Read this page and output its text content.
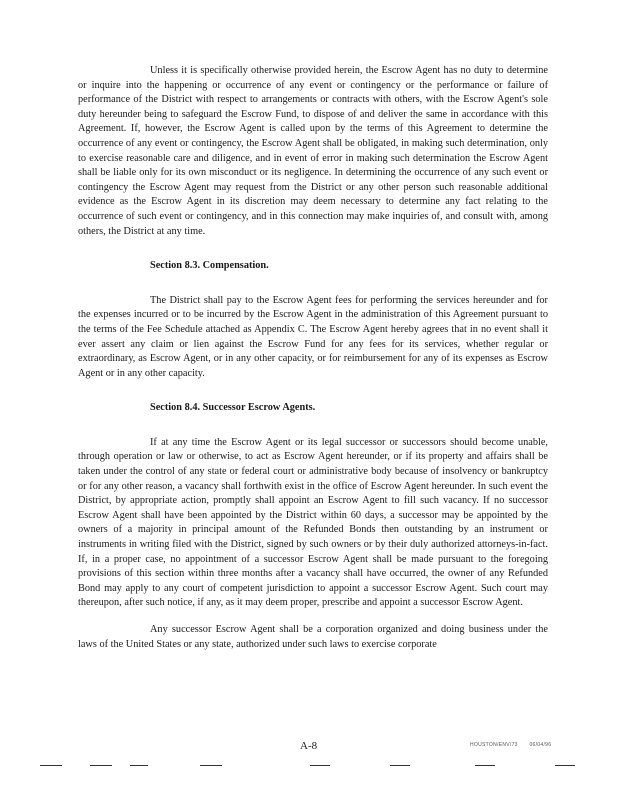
Unless it is specifically otherwise provided herein, the Escrow Agent has no duty to determine or inquire into the happening or occurrence of any event or contingency or the performance or failure of performance of the District with respect to arrangements or contracts with others, with the Escrow Agent's sole duty hereunder being to safeguard the Escrow Fund, to dispose of and deliver the same in accordance with this Agreement. If, however, the Escrow Agent is called upon by the terms of this Agreement to determine the occurrence of any event or contingency, the Escrow Agent shall be obligated, in making such determination, only to exercise reasonable care and diligence, and in event of error in making such determination the Escrow Agent shall be liable only for its own misconduct or its negligence. In determining the occurrence of any such event or contingency the Escrow Agent may request from the District or any other person such reasonable additional evidence as the Escrow Agent in its discretion may deem necessary to determine any fact relating to the occurrence of such event or contingency, and in this connection may make inquiries of, and consult with, among others, the District at any time.

Section 8.3. Compensation.

The District shall pay to the Escrow Agent fees for performing the services hereunder and for the expenses incurred or to be incurred by the Escrow Agent in the administration of this Agreement pursuant to the terms of the Fee Schedule attached as Appendix C. The Escrow Agent hereby agrees that in no event shall it ever assert any claim or lien against the Escrow Fund for any fees for its services, whether regular or extraordinary, as Escrow Agent, or in any other capacity, or for reimbursement for any of its expenses as Escrow Agent or in any other capacity.

Section 8.4. Successor Escrow Agents.

If at any time the Escrow Agent or its legal successor or successors should become unable, through operation or law or otherwise, to act as Escrow Agent hereunder, or if its property and affairs shall be taken under the control of any state or federal court or administrative body because of insolvency or bankruptcy or for any other reason, a vacancy shall forthwith exist in the office of Escrow Agent hereunder. In such event the District, by appropriate action, promptly shall appoint an Escrow Agent to fill such vacancy. If no successor Escrow Agent shall have been appointed by the District within 60 days, a successor may be appointed by the owners of a majority in principal amount of the Refunded Bonds then outstanding by an instrument or instruments in writing filed with the District, signed by such owners or by their duly authorized attorneys-in-fact. If, in a proper case, no appointment of a successor Escrow Agent shall be made pursuant to the foregoing provisions of this section within three months after a vacancy shall have occurred, the owner of any Refunded Bond may apply to any court of competent jurisdiction to appoint a successor Escrow Agent. Such court may thereupon, after such notice, if any, as it may deem proper, prescribe and appoint a successor Escrow Agent.

Any successor Escrow Agent shall be a corporation organized and doing business under the laws of the United States or any state, authorized under such laws to exercise corporate

A-8	HOUSTON/ENV/73 06/04/96
